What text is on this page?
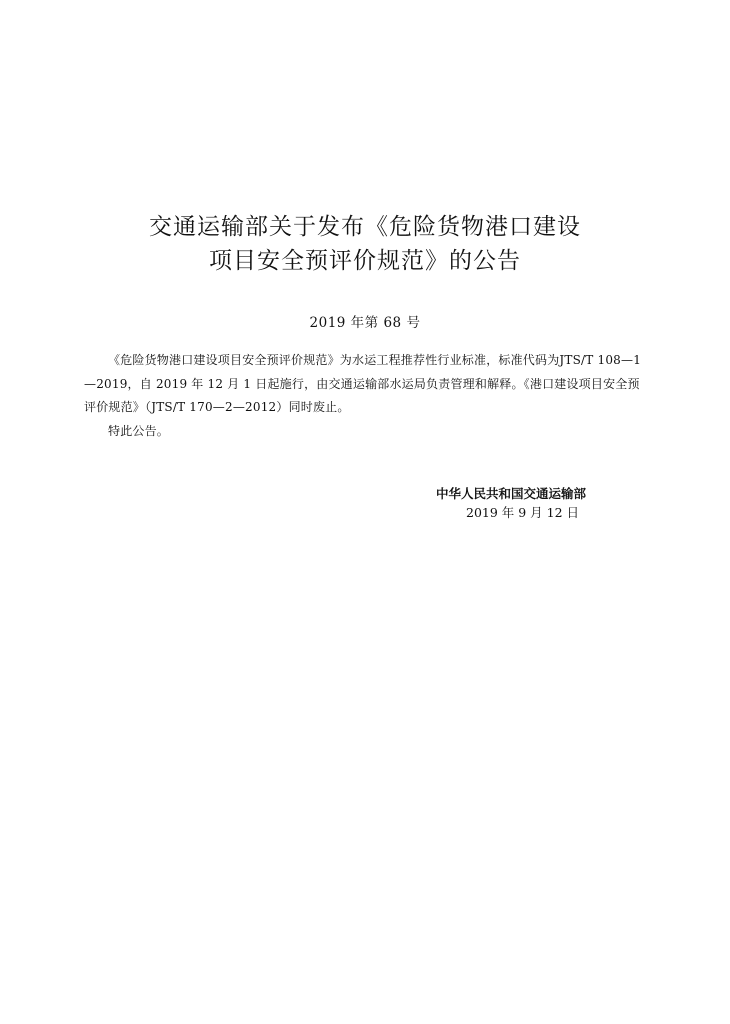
交通运输部关于发布《危险货物港口建设
项目安全预评价规范》的公告
2019 年第 68 号
《危险货物港口建设项目安全预评价规范》为水运工程推荐性行业标准，标准代码为JTS/T 108—1—2019，自 2019 年 12 月 1 日起施行，由交通运输部水运局负责管理和解释。《港口建设项目安全预评价规范》（JTS/T 170—2—2012）同时废止。
特此公告。
中华人民共和国交通运输部
2019 年 9 月 12 日
